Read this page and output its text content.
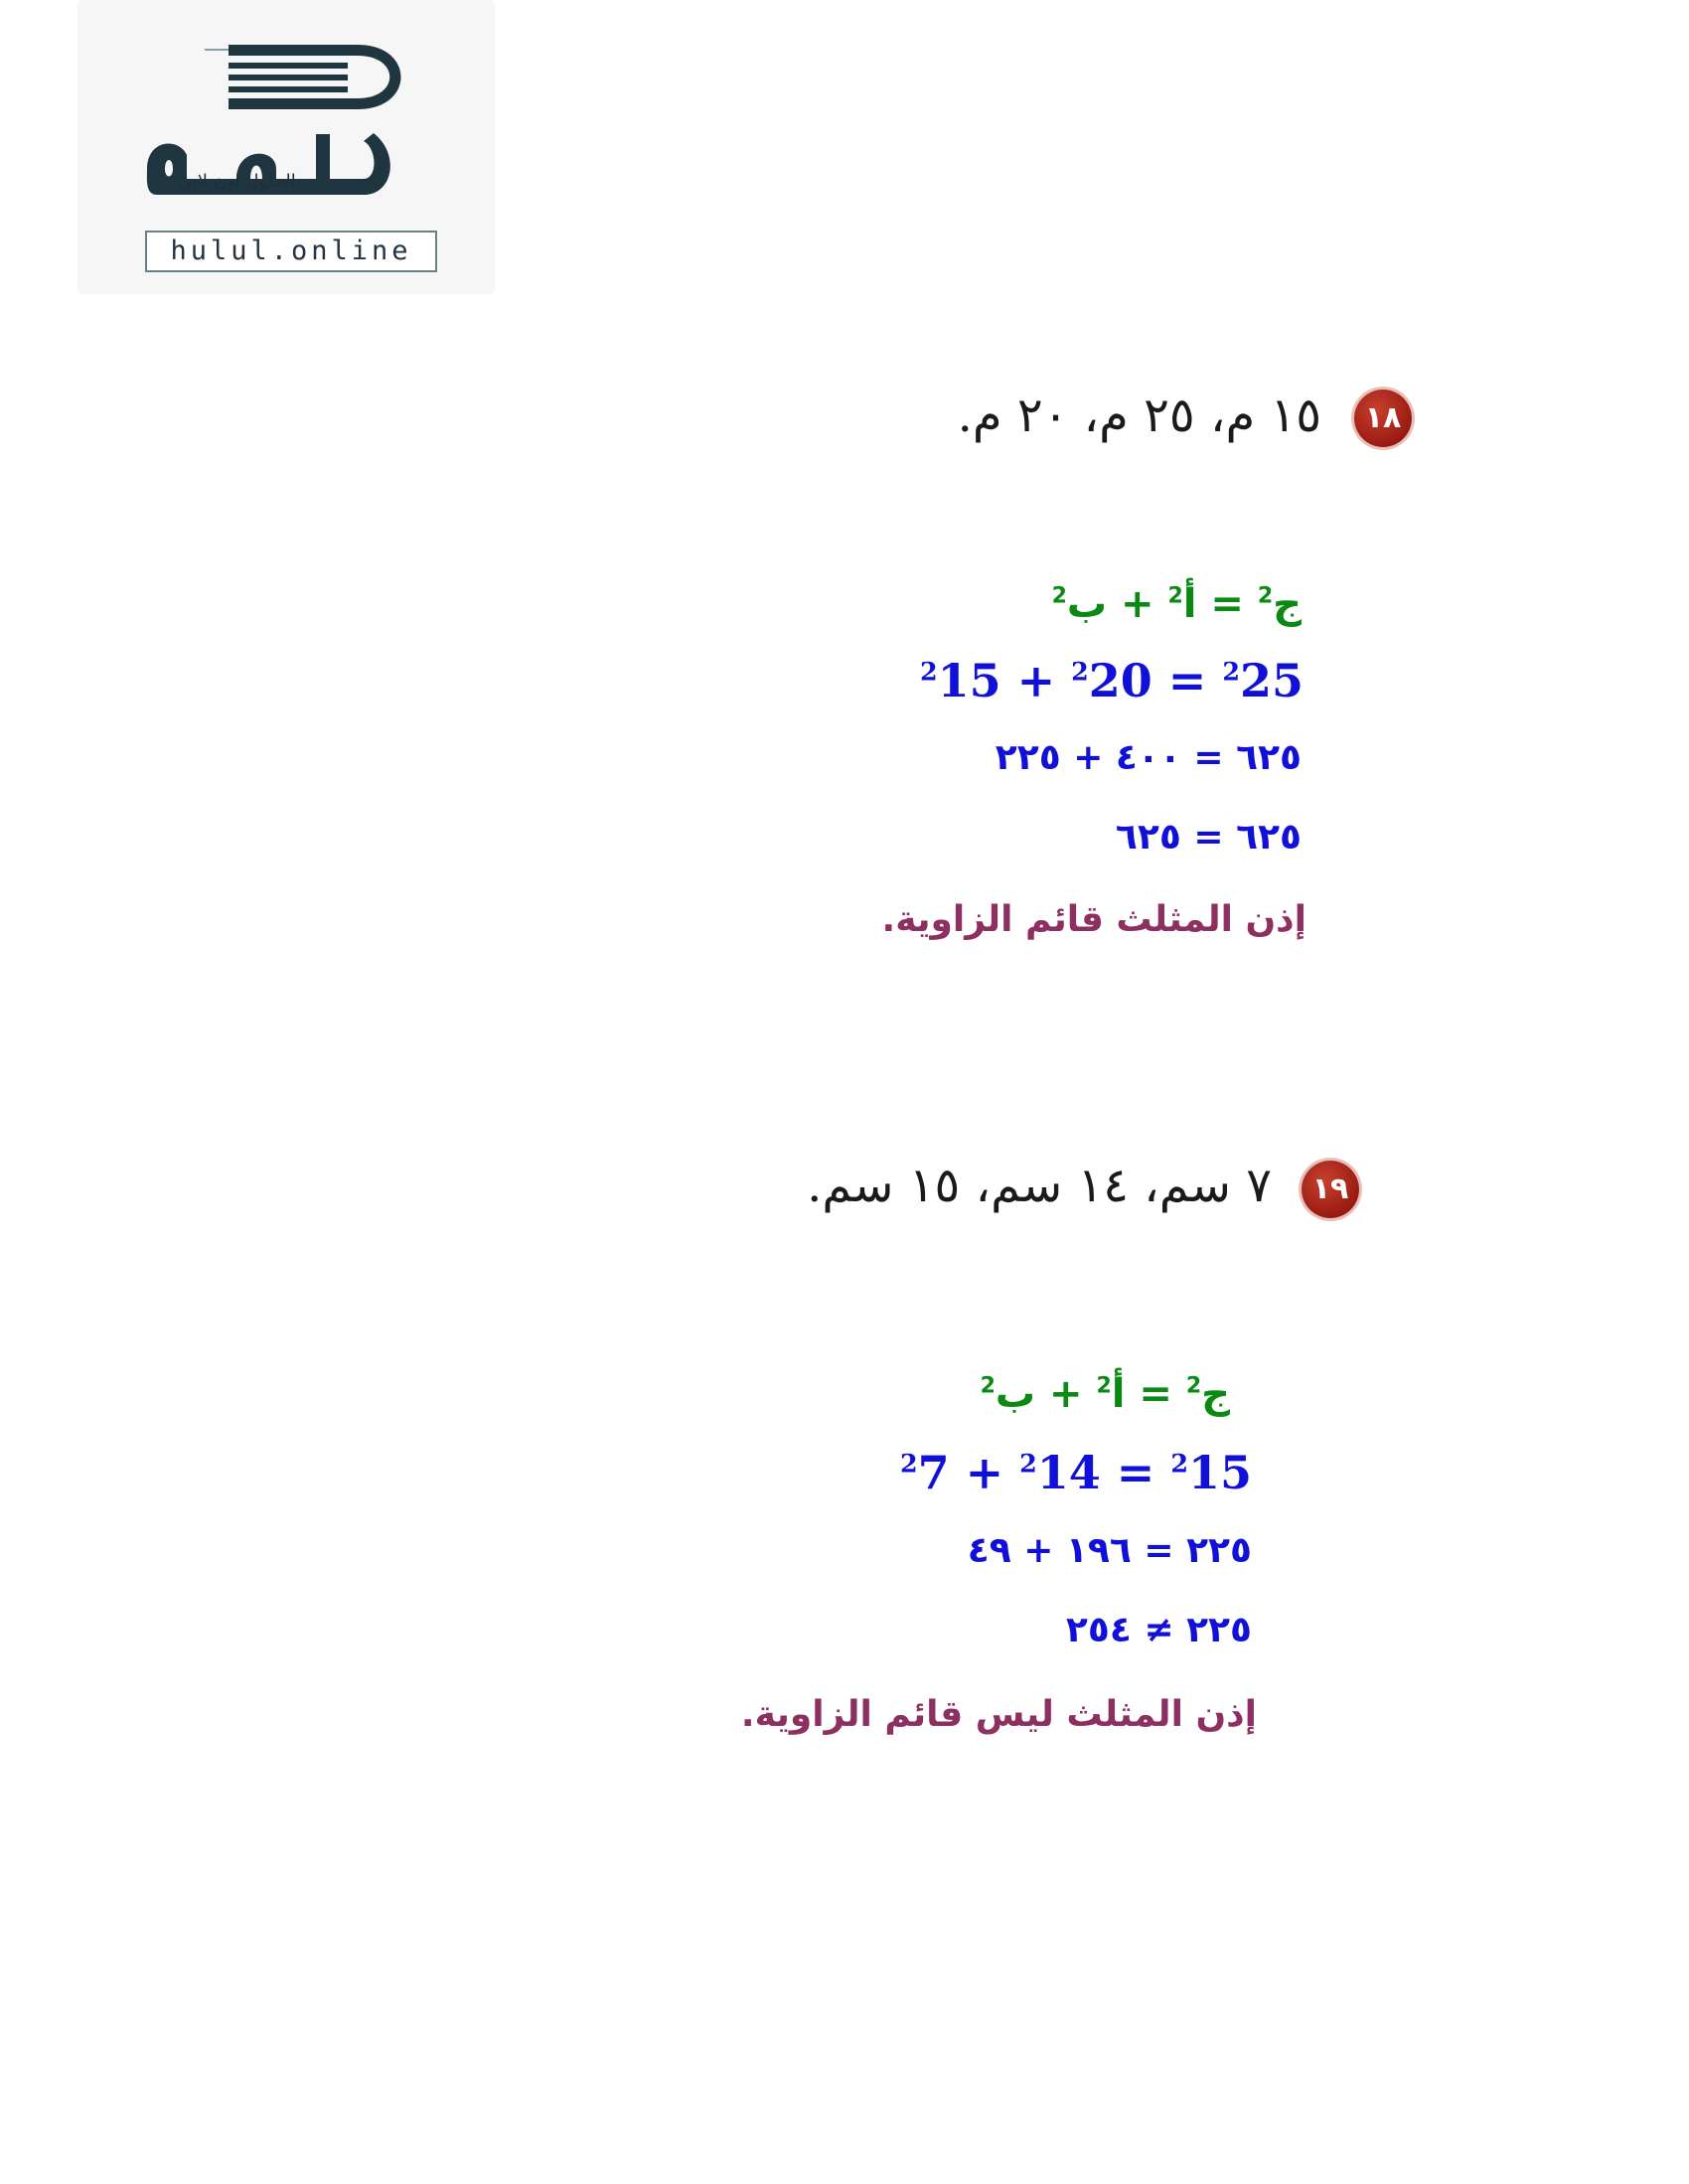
الحلول اون لاين
hulul.online
١٨
١٥ م، ٢٥ م، ٢٠ م.
ج$^2$ = أ$^2$ + ب$^2$
$^2$15 + $^2$20 = $^2$25
٦٢٥ = ٤٠٠ + ٢٢٥
٦٢٥ = ٦٢٥
إذن المثلث قائم الزاوية.
١٩
٧ سم، ١٤ سم، ١٥ سم.
ج$^2$ = أ$^2$ + ب$^2$
$^2$7 + $^2$14 = $^2$15
٢٢٥ = ١٩٦ + ٤٩
٢٢٥ ≠ ٢٥٤
إذن المثلث ليس قائم الزاوية.
